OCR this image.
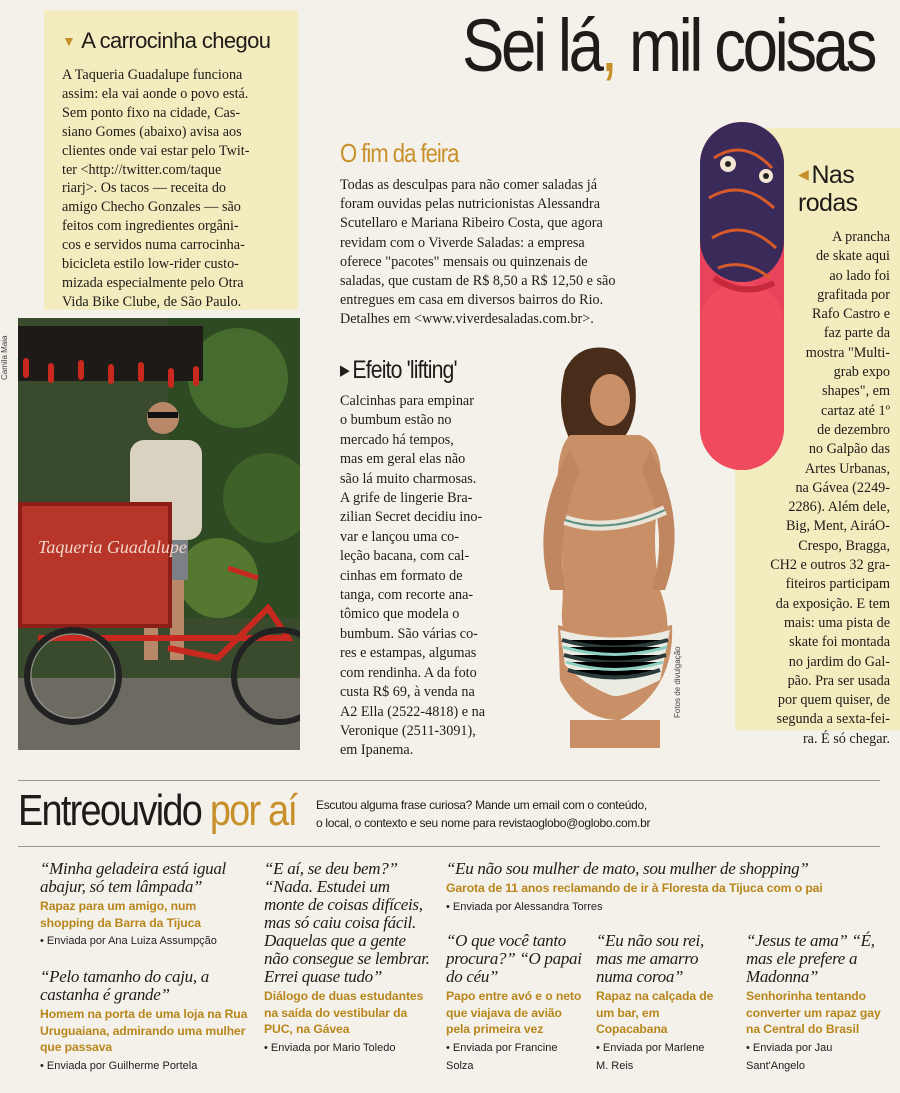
▼ A carrocinha chegou
A Taqueria Guadalupe funciona
assim: ela vai aonde o povo está.
Sem ponto fixo na cidade, Cas-
siano Gomes (abaixo) avisa aos
clientes onde vai estar pelo Twit-
ter <http://twitter.com/taque
riarj>. Os tacos — receita do
amigo Checho Gonzales — são
feitos com ingredientes orgâni-
cos e servidos numa carrocinha-
bicicleta estilo low-rider custo-
mizada especialmente pelo Otra
Vida Bike Clube, de São Paulo.
Taqueria Guadalupe
Camila Maia
Sei lá, mil coisas
O fim da feira
Todas as desculpas para não comer saladas já
foram ouvidas pelas nutricionistas Alessandra
Scutellaro e Mariana Ribeiro Costa, que agora
revidam com o Viverde Saladas: a empresa
oferece "pacotes" mensais ou quinzenais de
saladas, que custam de R$ 8,50 a R$ 12,50 e são
entregues em casa em diversos bairros do Rio.
Detalhes em <www.viverdesaladas.com.br>.
▶ Efeito 'lifting'
Calcinhas para empinar
o bumbum estão no
mercado há tempos,
mas em geral elas não
são lá muito charmosas.
A grife de lingerie Bra-
zilian Secret decidiu ino-
var e lançou uma co-
leção bacana, com cal-
cinhas em formato de
tanga, com recorte ana-
tômico que modela o
bumbum. São várias co-
res e estampas, algumas
com rendinha. A da foto
custa R$ 69, à venda na
A2 Ella (2522-4818) e na
Veronique (2511-3091),
em Ipanema.
Fotos de divulgação
◀ Nas
rodas
A prancha
de skate aqui
ao lado foi
grafitada por
Rafo Castro e
faz parte da
mostra "Multi-
grab expo
shapes", em
cartaz até 1º
de dezembro
no Galpão das
Artes Urbanas,
na Gávea (2249-
2286). Além dele,
Big, Ment, AiráO-
Crespo, Bragga,
CH2 e outros 32 gra-
fiteiros participam
da exposição. E tem
mais: uma pista de
skate foi montada
no jardim do Gal-
pão. Pra ser usada
por quem quiser, de
segunda a sexta-fei-
ra. É só chegar.
Entreouvido por aí Escutou alguma frase curiosa? Mande um email com o conteúdo,
o local, o contexto e seu nome para revistaoglobo@oglobo.com.br
“Minha geladeira está igual abajur, só tem lâmpada”
Rapaz para um amigo, num shopping da Barra da Tijuca
• Enviada por Ana Luiza Assumpção
“Pelo tamanho do caju, a castanha é grande”
Homem na porta de uma loja na Rua Uruguaiana, admirando uma mulher que passava
• Enviada por Guilherme Portela
“E aí, se deu bem?” “Nada. Estudei um monte de coisas difíceis, mas só caiu coisa fácil. Daquelas que a gente não consegue se lembrar. Errei quase tudo”
Diálogo de duas estudantes na saída do vestibular da PUC, na Gávea
• Enviada por Mario Toledo
“Eu não sou mulher de mato, sou mulher de shopping”
Garota de 11 anos reclamando de ir à Floresta da Tijuca com o pai
• Enviada por Alessandra Torres
“O que você tanto procura?” “O papai do céu”
Papo entre avó e o neto que viajava de avião pela primeira vez
• Enviada por Francine
Solza
“Eu não sou rei, mas me amarro numa coroa”
Rapaz na calçada de um bar, em Copacabana
• Enviada por Marlene
M. Reis
“Jesus te ama” “É, mas ele prefere a Madonna”
Senhorinha tentando converter um rapaz gay na Central do Brasil
• Enviada por Jau
Sant'Angelo
